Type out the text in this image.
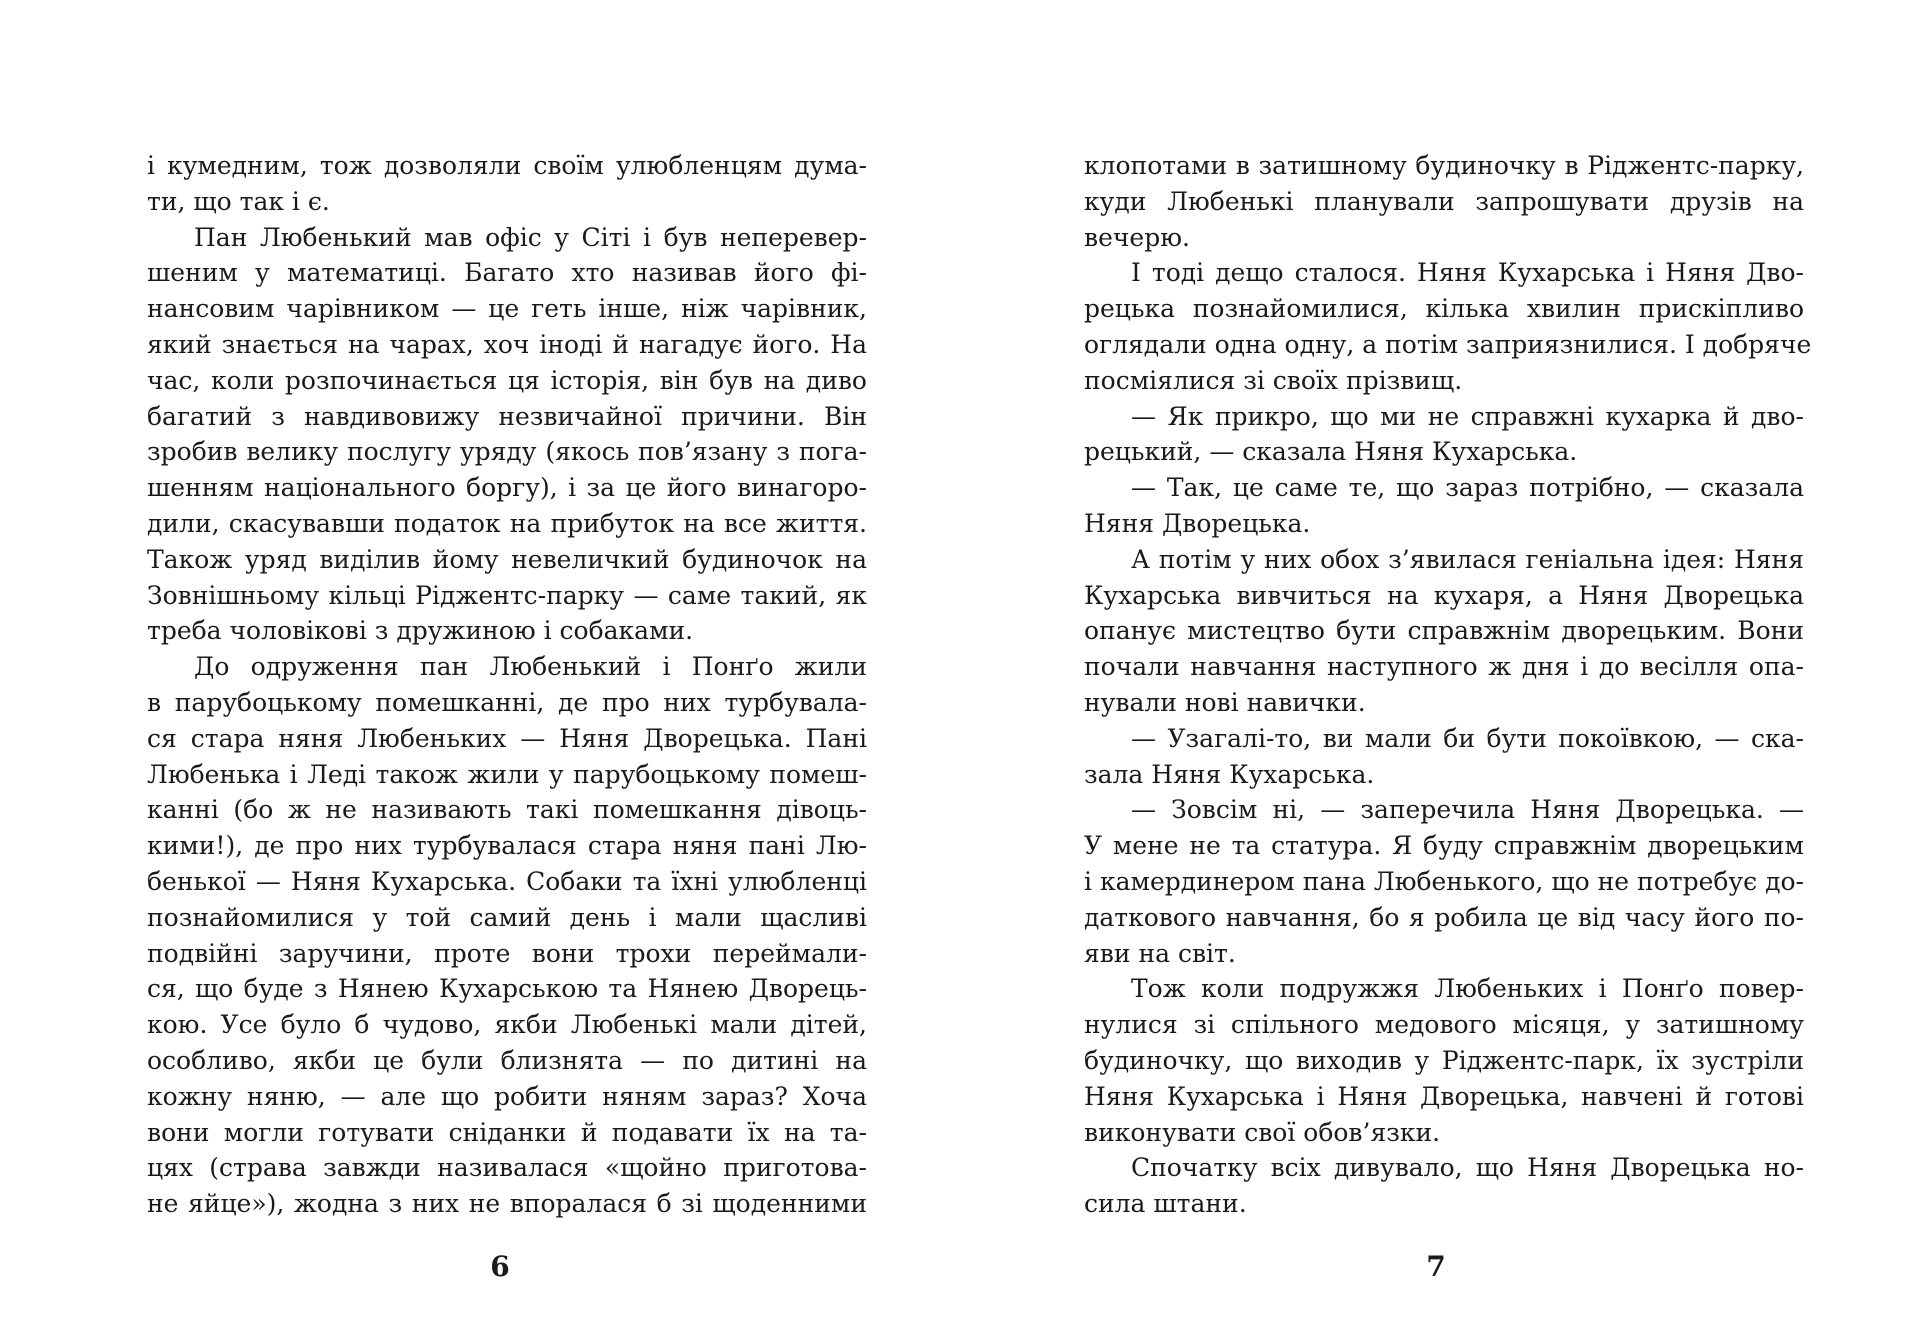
і кумедним, тож дозволяли своїм улюбленцям дума-
ти, що так і є.
Пан Любенький мав офіс у Сіті і був неперевер-
шеним у математиці. Багато хто називав його фі-
нансовим чарівником — це геть інше, ніж чарівник,
який знається на чарах, хоч іноді й нагадує його. На
час, коли розпочинається ця історія, він був на диво
багатий з навдивовижу незвичайної причини. Він
зробив велику послугу уряду (якось пов’язану з пога-
шенням національного боргу), і за це його винагоро-
дили, скасувавши податок на прибуток на все життя.
Також уряд виділив йому невеличкий будиночок на
Зовнішньому кільці Ріджентс-парку — саме такий, як
треба чоловікові з дружиною і собаками.
До одруження пан Любенький і Понґо жили
в парубоцькому помешканні, де про них турбувала-
ся стара няня Любеньких — Няня Дворецька. Пані
Любенька і Леді також жили у парубоцькому помеш-
канні (бо ж не називають такі помешкання дівоць-
кими!), де про них турбувалася стара няня пані Лю-
бенької — Няня Кухарська. Собаки та їхні улюбленці
познайомилися у той самий день і мали щасливі
подвійні заручини, проте вони трохи переймали-
ся, що буде з Нянею Кухарською та Нянею Дворець-
кою. Усе було б чудово, якби Любенькі мали дітей,
особливо, якби це були близнята — по дитині на
кожну няню, — але що робити няням зараз? Хоча
вони могли готувати сніданки й подавати їх на та-
цях (страва завжди називалася «щойно приготова-
не яйце»), жодна з них не впоралася б зі щоденними
клопотами в затишному будиночку в Ріджентс-парку,
куди Любенькі планували запрошувати друзів на
вечерю.
І тоді дещо сталося. Няня Кухарська і Няня Дво-
рецька познайомилися, кілька хвилин прискіпливо
оглядали одна одну, а потім заприязнилися. І добряче
посміялися зі своїх прізвищ.
— Як прикро, що ми не справжні кухарка й дво-
рецький, — сказала Няня Кухарська.
— Так, це саме те, що зараз потрібно, — сказала
Няня Дворецька.
А потім у них обох з’явилася геніальна ідея: Няня
Кухарська вивчиться на кухаря, а Няня Дворецька
опанує мистецтво бути справжнім дворецьким. Вони
почали навчання наступного ж дня і до весілля опа-
нували нові навички.
— Узагалі-то, ви мали би бути покоївкою, — ска-
зала Няня Кухарська.
— Зовсім ні, — заперечила Няня Дворецька. —
У мене не та статура. Я буду справжнім дворецьким
і камердинером пана Любенького, що не потребує до-
даткового навчання, бо я робила це від часу його по-
яви на світ.
Тож коли подружжя Любеньких і Понґо повер-
нулися зі спільного медового місяця, у затишному
будиночку, що виходив у Ріджентс-парк, їх зустріли
Няня Кухарська і Няня Дворецька, навчені й готові
виконувати свої обов’язки.
Спочатку всіх дивувало, що Няня Дворецька но-
сила штани.
6	7
